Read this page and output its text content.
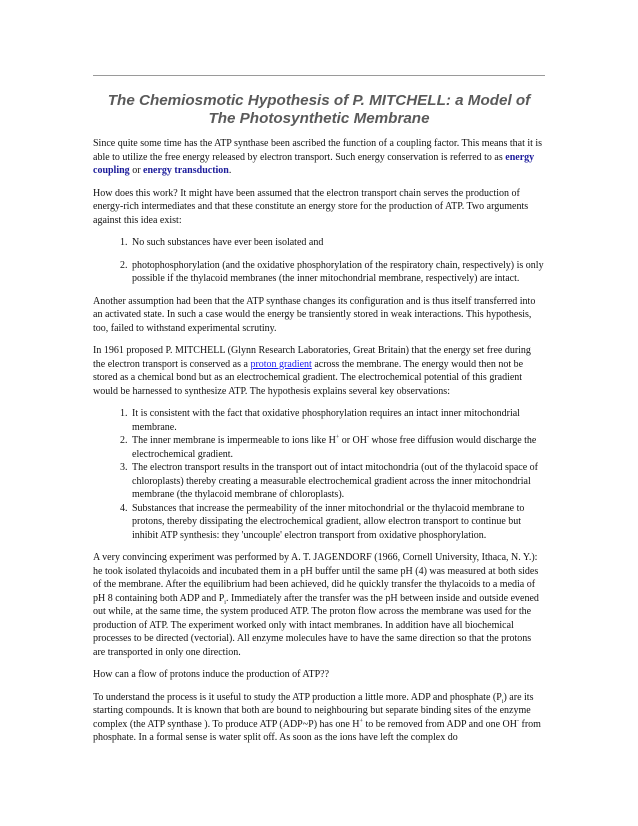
The Chemiosmotic Hypothesis of P. MITCHELL: a Model of The Photosynthetic Membrane

Since quite some time has the ATP synthase been ascribed the function of a coupling factor. This means that it is able to utilize the free energy released by electron transport. Such energy conservation is referred to as energy coupling or energy transduction.

How does this work? It might have been assumed that the electron transport chain serves the production of energy-rich intermediates and that these constitute an energy store for the production of ATP. Two arguments against this idea exist:

1. No such substances have ever been isolated and
2. photophosphorylation (and the oxidative phosphorylation of the respiratory chain, respectively) is only possible if the thylacoid membranes (the inner mitochondrial membrane, respectively) are intact.

Another assumption had been that the ATP synthase changes its configuration and is thus itself transferred into an activated state. In such a case would the energy be transiently stored in weak interactions. This hypothesis, too, failed to withstand experimental scrutiny.

In 1961 proposed P. MITCHELL (Glynn Research Laboratories, Great Britain) that the energy set free during the electron transport is conserved as a proton gradient across the membrane. The energy would then not be stored as a chemical bond but as an electrochemical gradient. The electrochemical potential of this gradient would be harnessed to synthesize ATP. The hypothesis explains several key observations:

1. It is consistent with the fact that oxidative phosphorylation requires an intact inner mitochondrial membrane.
2. The inner membrane is impermeable to ions like H+ or OH- whose free diffusion would discharge the electrochemical gradient.
3. The electron transport results in the transport out of intact mitochondria (out of the thylacoid space of chloroplasts) thereby creating a measurable electrochemical gradient across the inner mitochondrial membrane (the thylacoid membrane of chloroplasts).
4. Substances that increase the permeability of the inner mitochondrial or the thylacoid membrane to protons, thereby dissipating the electrochemical gradient, allow electron transport to continue but inhibit ATP synthesis: they 'uncouple' electron transport from oxidative phosphorylation.

A very convincing experiment was performed by A. T. JAGENDORF (1966, Cornell University, Ithaca, N. Y.): he took isolated thylacoids and incubated them in a pH buffer until the same pH (4) was measured at both sides of the membrane. After the equilibrium had been achieved, did he quickly transfer the thylacoids to a media of pH 8 containing both ADP and $P_i$. Immediately after the transfer was the pH between inside and outside evened out while, at the same time, the system produced ATP. The proton flow across the membrane was used for the production of ATP. The experiment worked only with intact membranes. In addition have all biochemical processes to be directed (vectorial). All enzyme molecules have to have the same direction so that the protons are transported in only one direction.

How can a flow of protons induce the production of ATP??

To understand the process is it useful to study the ATP production a little more. ADP and phosphate $(P_i)$ are its starting compounds. It is known that both are bound to neighbouring but separate binding sites of the enzyme complex (the ATP synthase ). To produce ATP (ADP~P) has one H+ to be removed from ADP and one OH- from phosphate. In a formal sense is water split off. As soon as the ions have left the complex do
